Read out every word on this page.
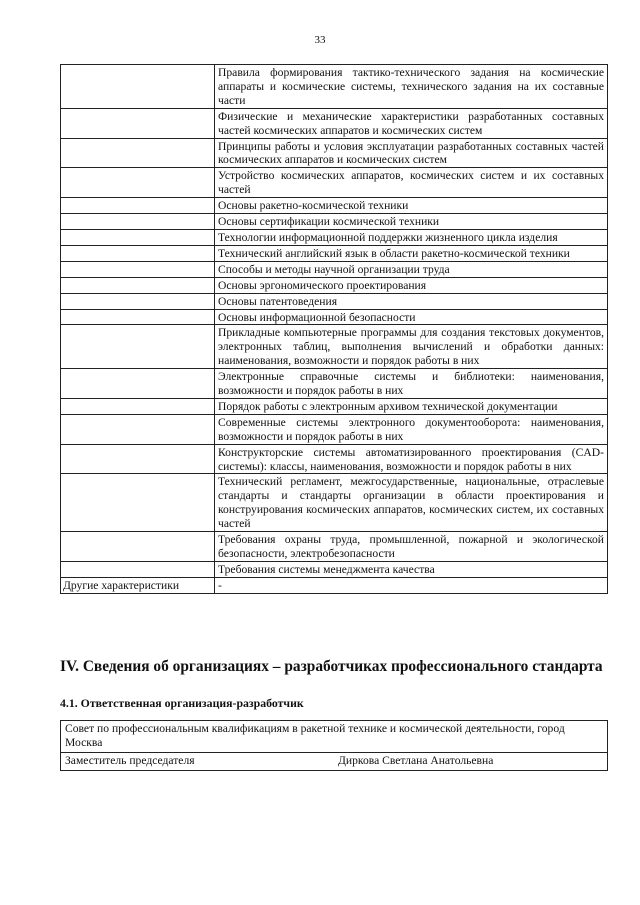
33
	Правила формирования тактико-технического задания на космические аппараты и космические системы, технического задания на их составные части
	Физические и механические характеристики разработанных составных частей космических аппаратов и космических систем
	Принципы работы и условия эксплуатации разработанных составных частей космических аппаратов и космических систем
	Устройство космических аппаратов, космических систем и их составных частей
	Основы ракетно-космической техники
	Основы сертификации космической техники
	Технологии информационной поддержки жизненного цикла изделия
	Технический английский язык в области ракетно-космической техники
	Способы и методы научной организации труда
	Основы эргономического проектирования
	Основы патентоведения
	Основы информационной безопасности
	Прикладные компьютерные программы для создания текстовых документов, электронных таблиц, выполнения вычислений и обработки данных: наименования, возможности и порядок работы в них
	Электронные справочные системы и библиотеки: наименования, возможности и порядок работы в них
	Порядок работы с электронным архивом технической документации
	Современные системы электронного документооборота: наименования, возможности и порядок работы в них
	Конструкторские системы автоматизированного проектирования (CAD-системы): классы, наименования, возможности и порядок работы в них
	Технический регламент, межгосударственные, национальные, отраслевые стандарты и стандарты организации в области проектирования и конструирования космических аппаратов, космических систем, их составных частей
	Требования охраны труда, промышленной, пожарной и экологической безопасности, электробезопасности
	Требования системы менеджмента качества
Другие характеристики	-
IV. Сведения об организациях – разработчиках профессионального стандарта
4.1. Ответственная организация-разработчик
Совет по профессиональным квалификациям в ракетной технике и космической деятельности, город Москва
Заместитель председателя	Диркова Светлана Анатольевна
